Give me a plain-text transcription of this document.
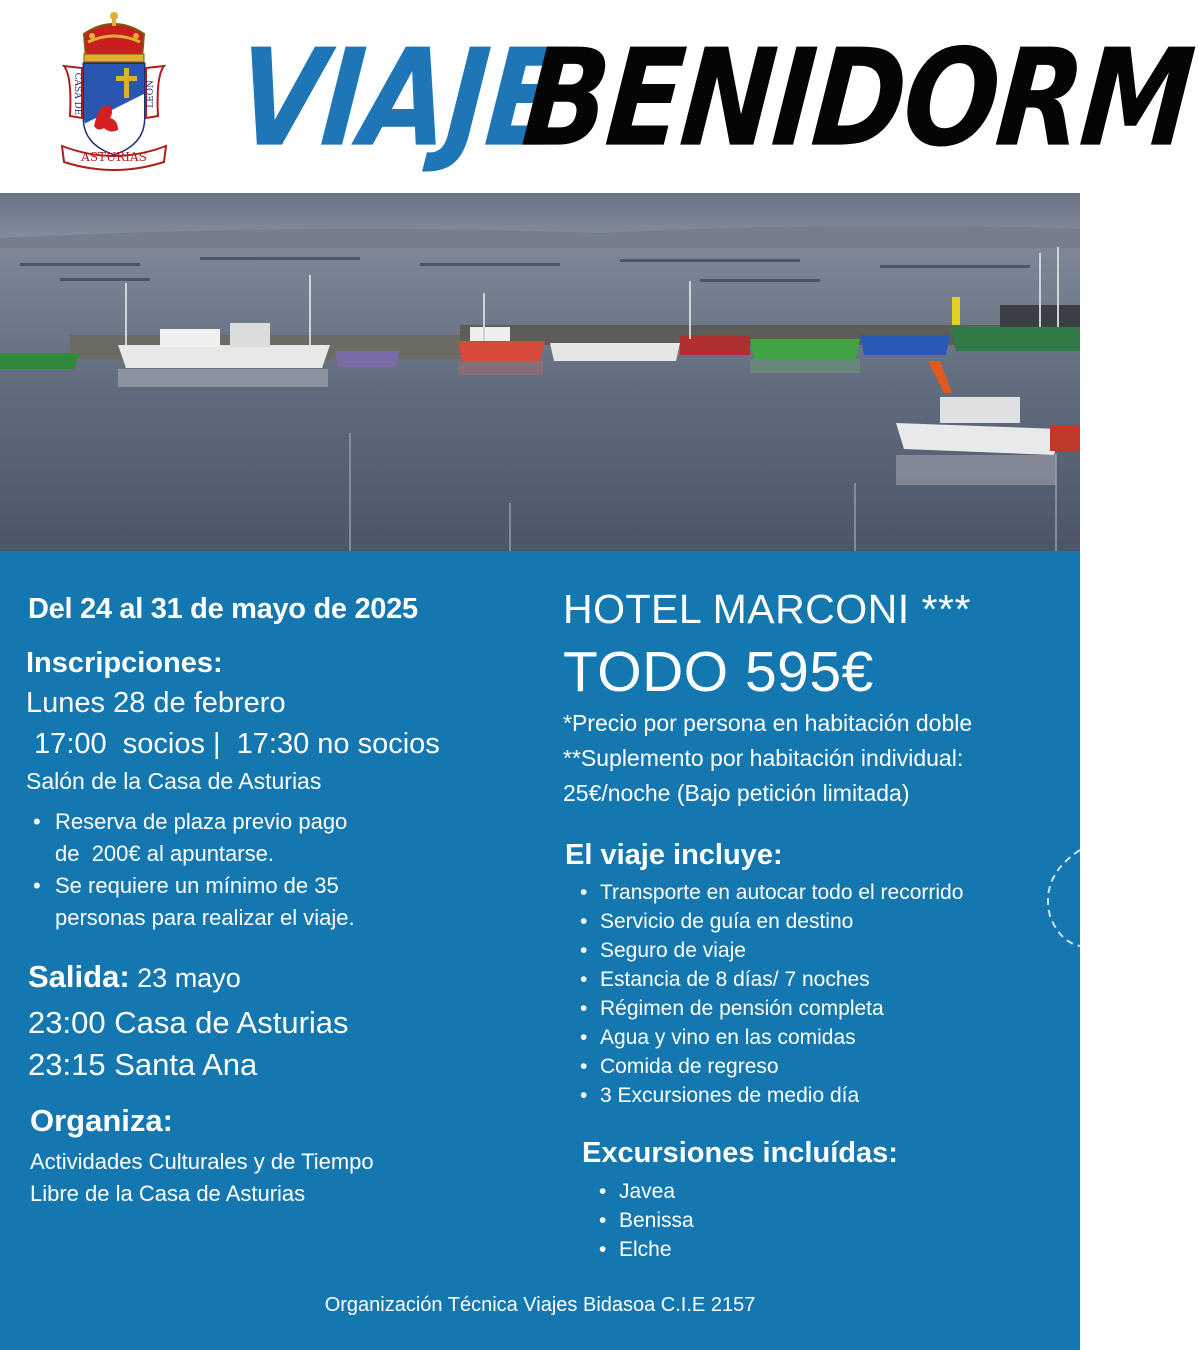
CASA DE	LEON
ASTURIAS VIAJE
BENIDORM
Del 24 al 31 de mayo de 2025
Inscripciones:
Lunes 28 de febrero
17:00  socios |  17:30 no socios
Salón de la Casa de Asturias
• Reserva de plaza previo pago
de  200€ al apuntarse.
• Se requiere un mínimo de 35
personas para realizar el viaje.
Salida: 23 mayo
23:00 Casa de Asturias
23:15 Santa Ana
Organiza:
Actividades Culturales y de Tiempo
Libre de la Casa de Asturias
HOTEL MARCONI ***
TODO 595€
*Precio por persona en habitación doble
**Suplemento por habitación individual:
25€/noche (Bajo petición limitada)
El viaje incluye:
• Transporte en autocar todo el recorrido
• Servicio de guía en destino
• Seguro de viaje
• Estancia de 8 días/ 7 noches
• Régimen de pensión completa
• Agua y vino en las comidas
• Comida de regreso
• 3 Excursiones de medio día
Excursiones incluídas:
• Javea
• Benissa
• Elche
Organización Técnica Viajes Bidasoa C.I.E 2157
